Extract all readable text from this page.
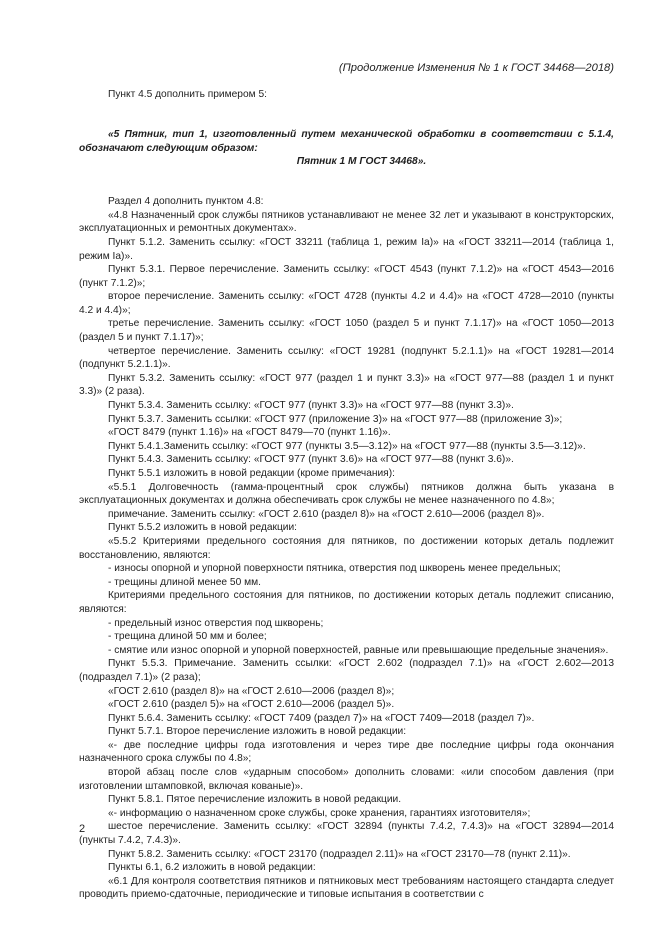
(Продолжение Изменения № 1 к ГОСТ 34468—2018)

Пункт 4.5 дополнить примером 5:

«5 Пятник, тип 1, изготовленный путем механической обработки в соответствии с 5.1.4, обозначают следующим образом:

Пятник 1 М ГОСТ 34468».

Раздел 4 дополнить пунктом 4.8:

«4.8 Назначенный срок службы пятников устанавливают не менее 32 лет и указывают в конструкторских, эксплуатационных и ремонтных документах».

Пункт 5.1.2. Заменить ссылку: «ГОСТ 33211 (таблица 1, режим Iа)» на «ГОСТ 33211—2014 (таблица 1, режим Iа)».

Пункт 5.3.1. Первое перечисление. Заменить ссылку: «ГОСТ 4543 (пункт 7.1.2)» на «ГОСТ 4543—2016 (пункт 7.1.2)»;

второе перечисление. Заменить ссылку: «ГОСТ 4728 (пункты 4.2 и 4.4)» на «ГОСТ 4728—2010 (пункты 4.2 и 4.4)»;

третье перечисление. Заменить ссылку: «ГОСТ 1050 (раздел 5 и пункт 7.1.17)» на «ГОСТ 1050—2013 (раздел 5 и пункт 7.1.17)»;

четвертое перечисление. Заменить ссылку: «ГОСТ 19281 (подпункт 5.2.1.1)» на «ГОСТ 19281—2014 (подпункт 5.2.1.1)».

Пункт 5.3.2. Заменить ссылку: «ГОСТ 977 (раздел 1 и пункт 3.3)» на «ГОСТ 977—88 (раздел 1 и пункт 3.3)» (2 раза).

Пункт 5.3.4. Заменить ссылку: «ГОСТ 977 (пункт 3.3)» на «ГОСТ 977—88 (пункт 3.3)».

Пункт 5.3.7. Заменить ссылки: «ГОСТ 977 (приложение 3)» на «ГОСТ 977—88 (приложение 3)»;

«ГОСТ 8479 (пункт 1.16)» на «ГОСТ 8479—70 (пункт 1.16)».

Пункт 5.4.1.Заменить ссылку: «ГОСТ 977 (пункты 3.5—3.12)» на «ГОСТ 977—88 (пункты 3.5—3.12)».

Пункт 5.4.3. Заменить ссылку: «ГОСТ 977 (пункт 3.6)» на «ГОСТ 977—88 (пункт 3.6)».

Пункт 5.5.1 изложить в новой редакции (кроме примечания):

«5.5.1 Долговечность (гамма-процентный срок службы) пятников должна быть указана в эксплуатационных документах и должна обеспечивать срок службы не менее назначенного по 4.8»;

примечание. Заменить ссылку: «ГОСТ 2.610 (раздел 8)» на «ГОСТ 2.610—2006 (раздел 8)».

Пункт 5.5.2 изложить в новой редакции:

«5.5.2 Критериями предельного состояния для пятников, по достижении которых деталь подлежит восстановлению, являются:

- износы опорной и упорной поверхности пятника, отверстия под шкворень менее предельных;

- трещины длиной менее 50 мм.

Критериями предельного состояния для пятников, по достижении которых деталь подлежит списанию, являются:

- предельный износ отверстия под шкворень;

- трещина длиной 50 мм и более;

- смятие или износ опорной и упорной поверхностей, равные или превышающие предельные значения».

Пункт 5.5.3. Примечание. Заменить ссылки: «ГОСТ 2.602 (подраздел 7.1)» на «ГОСТ 2.602—2013 (подраздел 7.1)» (2 раза);

«ГОСТ 2.610 (раздел 8)» на «ГОСТ 2.610—2006 (раздел 8)»;

«ГОСТ 2.610 (раздел 5)» на «ГОСТ 2.610—2006 (раздел 5)».

Пункт 5.6.4. Заменить ссылку: «ГОСТ 7409 (раздел 7)» на «ГОСТ 7409—2018 (раздел 7)».

Пункт 5.7.1. Второе перечисление изложить в новой редакции:

«- две последние цифры года изготовления и через тире две последние цифры года окончания назначенного срока службы по 4.8»;

второй абзац после слов «ударным способом» дополнить словами: «или способом давления (при изготовлении штамповкой, включая кованые)».

Пункт 5.8.1. Пятое перечисление изложить в новой редакции.

«- информацию о назначенном сроке службы, сроке хранения, гарантиях изготовителя»;

шестое перечисление. Заменить ссылку: «ГОСТ 32894 (пункты 7.4.2, 7.4.3)» на «ГОСТ 32894—2014 (пункты 7.4.2, 7.4.3)».

Пункт 5.8.2. Заменить ссылку: «ГОСТ 23170 (подраздел 2.11)» на «ГОСТ 23170—78 (пункт 2.11)».

Пункты 6.1, 6.2 изложить в новой редакции:

«6.1 Для контроля соответствия пятников и пятниковых мест требованиям настоящего стандарта следует проводить приемо-сдаточные, периодические и типовые испытания в соответствии с

2
